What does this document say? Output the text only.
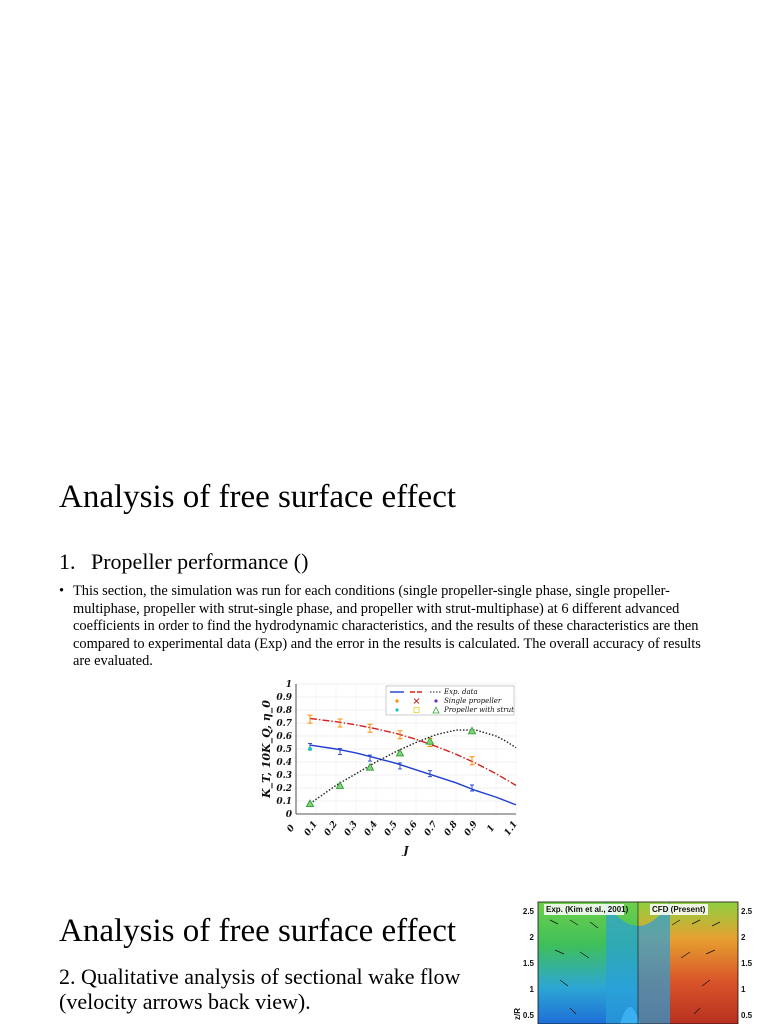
Analysis of free surface effect
1. Propeller performance ()
• This section, the simulation was run for each conditions (single propeller-single phase, single propeller-multiphase, propeller with strut-single phase, and propeller with strut-multiphase) at 6 different advanced coefficients in order to find the hydrodynamic characteristics, and the results of these characteristics are then compared to experimental data (Exp) and the error in the results is calculated. The overall accuracy of results are evaluated.
0
0.1
0.2
0.3
0.4
0.5
0.6
0.7
0.8
0.9
1
0 0.1 0.2 0.3 0.4 0.5 0.6 0.7 0.8 0.9 1 1.1
J
K_T, 10K_Q, η_0
Exp. data
Single propeller
Propeller with strut
Analysis of free surface effect
2. Qualitative analysis of sectional wake flow
(velocity arrows back view).
Exp. (Kim et al., 2001)	CFD (Present)
2.5	2.5
2	2
1.5	1.5
1	1
0.5	0.5
z/R
